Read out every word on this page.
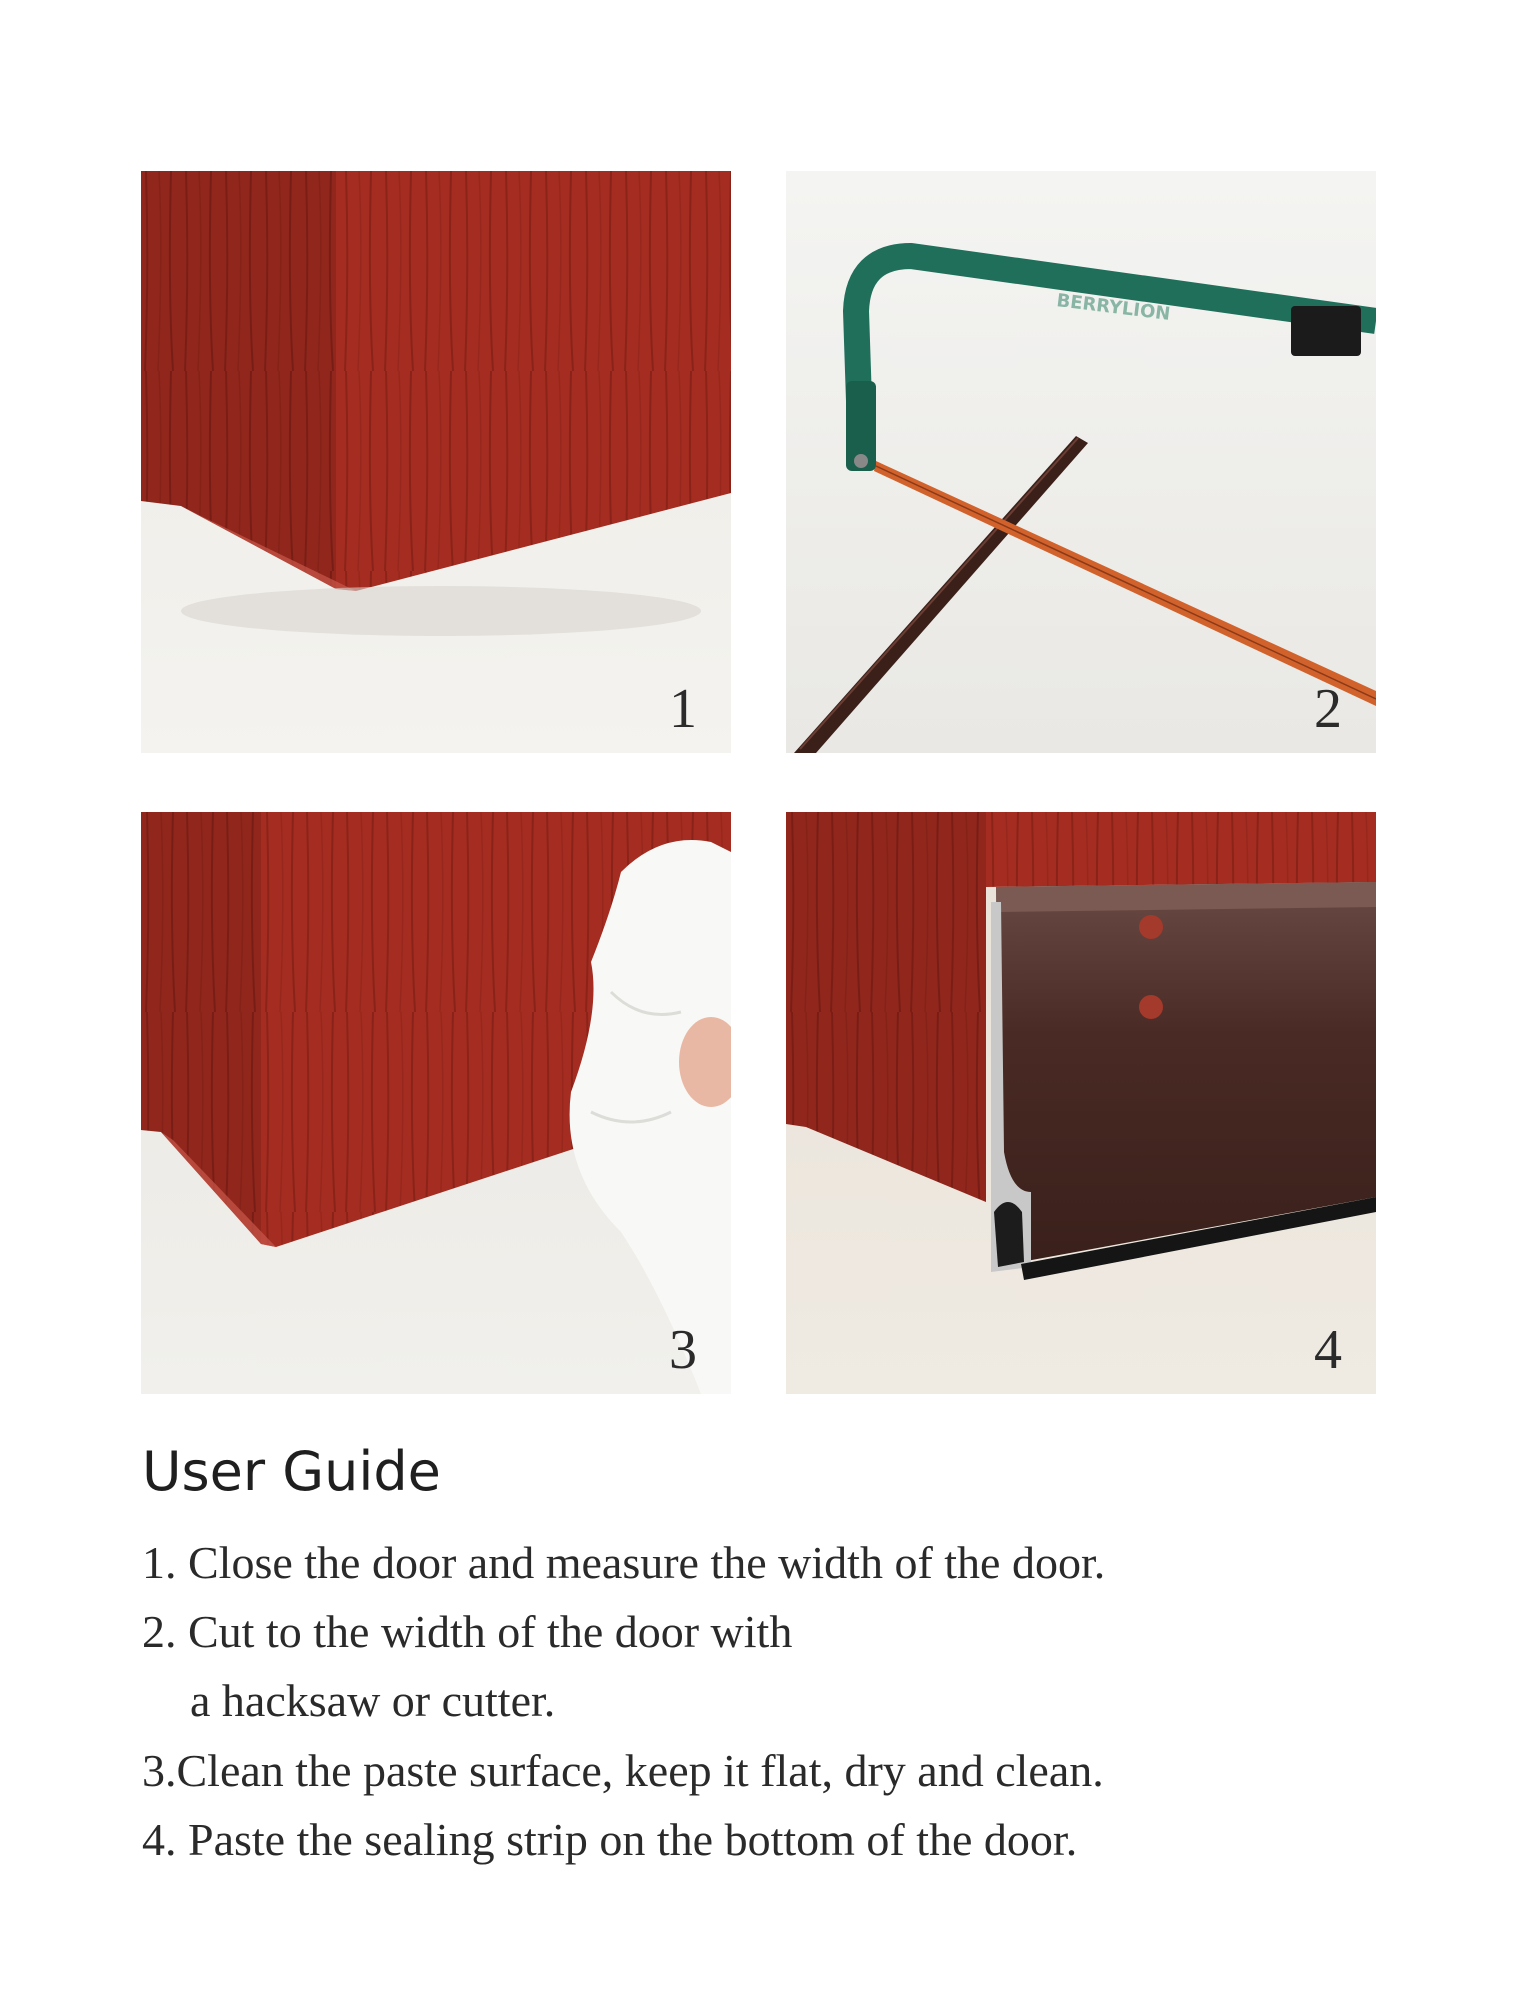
1
BERRYLION
2
3	4
User Guide
1. Close the door and measure the width of the door.
2. Cut to the width of the door with
a hacksaw or cutter.
3.Clean the paste surface, keep it flat, dry and clean.
4. Paste the sealing strip on the bottom of the door.
